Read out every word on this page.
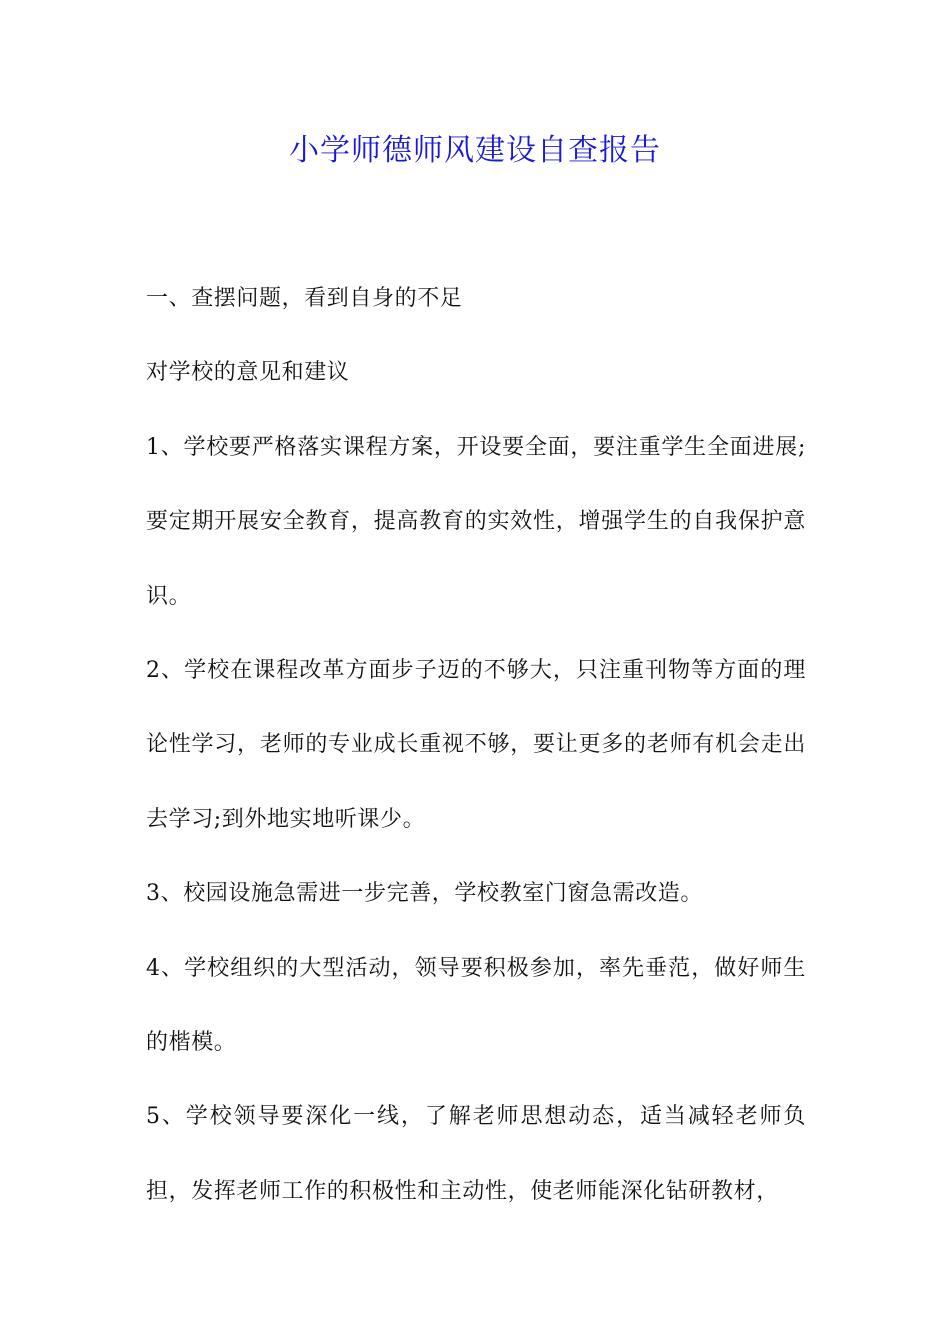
小学师德师风建设自查报告

一、查摆问题，看到自身的不足

对学校的意见和建议

1、学校要严格落实课程方案，开设要全面，要注重学生全面进展;要定期开展安全教育，提高教育的实效性，增强学生的自我保护意识。

2、学校在课程改革方面步子迈的不够大，只注重刊物等方面的理论性学习，老师的专业成长重视不够，要让更多的老师有机会走出去学习;到外地实地听课少。

3、校园设施急需进一步完善，学校教室门窗急需改造。

4、学校组织的大型活动，领导要积极参加，率先垂范，做好师生的楷模。

5、学校领导要深化一线，了解老师思想动态，适当减轻老师负担，发挥老师工作的积极性和主动性，使老师能深化钻研教材，
